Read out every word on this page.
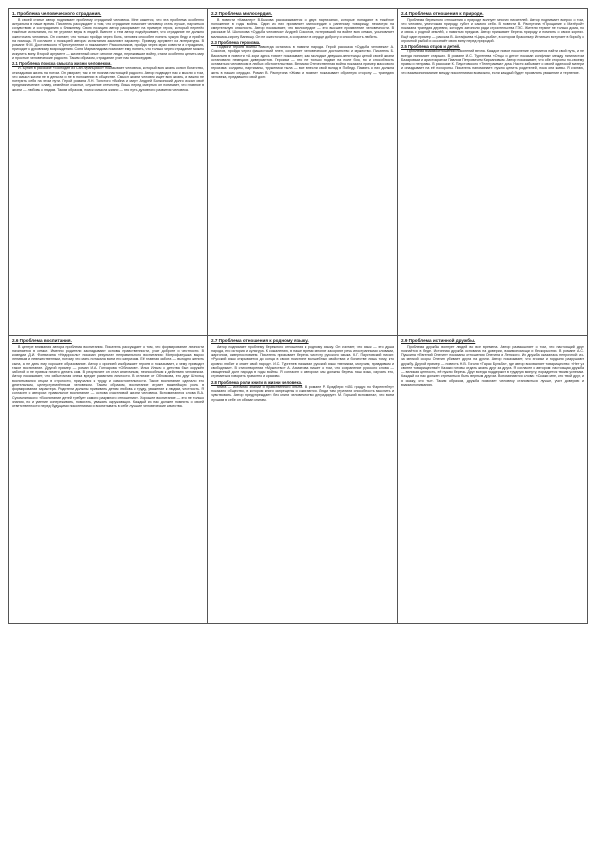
1. Проблема человеческого страдания.
В своей статье автор поднимает проблему страданий человека. Мне кажется, что эта проблема особенно актуальна в наше время. Писатель рассуждает о том, что страдание помогает человеку стать лучше, научиться сочувствию и состраданию к ближнему. Свою позицию автор раскрывает на примере героя, который перенёс тяжёлые испытания, но не утратил веры в людей. Вместе с тем автор подчёркивает, что страдание не должно ожесточать человека. Он считает, что только пройдя через боль, человек способен понять чужую беду и прийти на помощь. Я согласен с позицией автора: испытания закаляют характер. Приведу аргумент из литературы. В романе Ф.М. Достоевского «Преступление и наказание» Раскольников, пройдя через муки совести и страдания, приходит к духовному возрождению. Соня Мармеладова помогает ему понять, что только через страдание можно искупить вину. Второй аргумент — жизненный опыт: многие люди, пережившие войну, стали особенно ценить мир и простые человеческие радости. Таким образом, страдание учит нас милосердию.
2.1 Проблема поиска смысла жизни человеком.
И. Бунин в рассказе «Господин из Сан-Франциско» показывает человека, который всю жизнь копил богатство, откладывая жизнь на потом. Он умирает, так и не познав настоящей радости. Автор подводит нас к мысли о том, что смысл жизни не в деньгах и не в положении в обществе. Смысл жизни человек ищет всю жизнь, и важно не потерять себя на этом пути. Герой романа Л.Н. Толстого «Война и мир» Андрей Болконский долго искал своё предназначение: славу, семейное счастье, служение отечеству. Лишь перед смертью он понимает, что главное в жизни — любовь к людям. Таким образом, поиск смысла жизни — это путь духовного развития человека.
2.2 Проблема милосердия.
В повести «Кавалер» В.Быкова рассказывается о двух партизанах, которые попадают в тяжёлое положение в годы войны. Один из них проявляет милосердие к раненому товарищу, несмотря на смертельную опасность. Автор показывает, что милосердие — это высшее проявление человечности. В рассказе М. Шолохова «Судьба человека» Андрей Соколов, потерявший на войне всю семью, усыновляет мальчика-сироту Ванюшу. Он не ожесточился, а сохранил в сердце доброту и способность любить.
2.3 Проблема героизма.
Подвиги героев войны навсегда остались в памяти народа. Герой рассказа «Судьба человека» А. Соколов, пройдя через фашистский плен, сохраняет человеческое достоинство и мужество. Писатель Б. Васильев в повести «А зори здесь тихие» показывает, как молодые девушки-зенитчицы ценой своей жизни остановили немецких диверсантов. Героизм — это не только подвиг на поле боя, но и способность оставаться человеком в любых обстоятельствах. Великая Отечественная война показала пример массового героизма: солдаты, партизаны, труженики тыла — все внесли свой вклад в Победу. Память о них должна жить в наших сердцах. Роман В. Распутина «Живи и помни» показывает обратную сторону — трагедию человека, предавшего свой долг.
2.4 Проблема отношения к природе.
Проблема бережного отношения к природе волнует многих писателей. Автор поднимает вопрос о том, что человек, уничтожая природу, губит и самого себя. В повести В. Распутина «Прощание с Матёрой» показана трагедия деревни, которую затопили ради строительства ГЭС. Жители теряют не только дома, но и связь с родной землёй, с памятью предков. Автор призывает беречь природу и помнить о своих корнях. Ещё один пример — рассказ В. Астафьева «Царь-рыба», в котором браконьер Игнатьич вступает в борьбу с огромной рыбой и осознаёт свою вину перед природой.
2.5 Проблема отцов и детей.
Проблема взаимоотношений поколений вечна. Каждое новое поколение стремится найти свой путь, и не всегда понимает старших. В романе И.С. Тургенева «Отцы и дети» показан конфликт между нигилистом Базаровым и аристократом Павлом Петровичем Кирсановым. Автор показывает, что обе стороны по-своему правы и неправы. В рассказе К. Паустовского «Телеграмма» дочь Настя забывает о своей одинокой матери и опаздывает на её похороны. Писатель напоминает: нужно ценить родителей, пока они живы. Я считаю, что взаимопонимание между поколениями возможно, если каждый будет проявлять уважение и терпение.
2.6 Проблема воспитания.
В центре внимания автора проблема воспитания. Писатель рассуждает о том, что формирование личности начинается в семье. Именно родители закладывают основы нравственности, учат доброте и честности. В комедии Д.И. Фонвизина «Недоросль» показан результат неправильного воспитания: Митрофанушка вырос ленивым и невежественным, потому что мать потакала всем его капризам. Её главная забота — выгодно женить сына, а не дать ему хорошее образование. Автор с иронией изображает героев и показывает, к чему приводит такое воспитание. Другой пример — роман И.А. Гончарова «Обломов». Илья Ильич с детства был окружён заботой и не привык ничего делать сам. В результате он стал апатичным, неспособным к действию человеком. Автор показывает, что избыточная опека вредит развитию личности. В отличие от Обломова, его друг Штольц воспитывался отцом в строгости, приучался к труду и самостоятельности. Такое воспитание сделало его деятельным, целеустремлённым человеком. Таким образом, воспитание играет важнейшую роль в формировании характера. Родители должны прививать детям любовь к труду, уважение к людям, честность. Я согласен с автором: правильное воспитание — основа счастливой жизни человека. Вспоминаются слова В.А. Сухомлинского: «Воспитание детей требует самого разумного отношения». Хорошее воспитание — это не только знания, но и умение сопереживать, помогать, уважать окружающих. Каждый из нас должен помнить о своей ответственности перед будущими поколениями и воспитывать в себе лучшие человеческие качества.
2.7 Проблема отношения к родному языку.
Автор поднимает проблему бережного отношения к родному языку. Он считает, что язык — это душа народа, его история и культура. К сожалению, в наше время многие засоряют речь иностранными словами, жаргоном, сквернословием. Писатель призывает беречь чистоту русского языка. К.Г. Паустовский писал: «Русский язык открывается до конца в своих поистине волшебных свойствах и богатстве лишь тому, кто кровно любит и знает свой народ». И.С. Тургенев называл русский язык «великим, могучим, правдивым и свободным». В стихотворении «Мужество» А. Ахматова пишет о том, что сохранение русского слова — священный долг народа в годы войны. Я согласен с автором: мы должны беречь наш язык, изучать его, стремиться говорить грамотно и красиво.
2.8 Проблема роли книги в жизни человека.
Книга — источник знаний и нравственного опыта. В романе Р. Брэдбери «451 градус по Фаренгейту» показано общество, в котором книги запрещены и сжигаются. Люди там утратили способность мыслить и чувствовать. Автор предупреждает: без книги человечество деградирует. М. Горький вспоминал, что всем лучшим в себе он обязан книгам.
2.9 Проблема истинной дружбы.
Проблема дружбы волнует людей во все времена. Автор размышляет о том, что настоящий друг познаётся в беде. Истинная дружба основана на доверии, взаимопомощи и бескорыстии. В романе А.С. Пушкина «Евгений Онегин» показаны отношения Онегина и Ленского. Их дружба оказалась непрочной: из-за мелкой ссоры Онегин убивает друга на дуэли. Автор показывает, что эгоизм и гордыня разрушают дружбу. Другой пример — повесть Н.В. Гоголя «Тарас Бульба», где автор восхваляет товарищество: «Нет уз святее товарищества!» Казаки готовы отдать жизнь друг за друга. Я согласен с автором: настоящая дружба — великая ценность, её нужно беречь. Друг всегда поддержит в трудную минуту, порадуется твоим успехам. Каждый из нас должен стремиться быть верным другом. Вспоминаются слова: «Скажи мне, кто твой друг, и я скажу, кто ты». Таким образом, дружба помогает человеку становиться лучше, учит доверию и взаимопониманию.
